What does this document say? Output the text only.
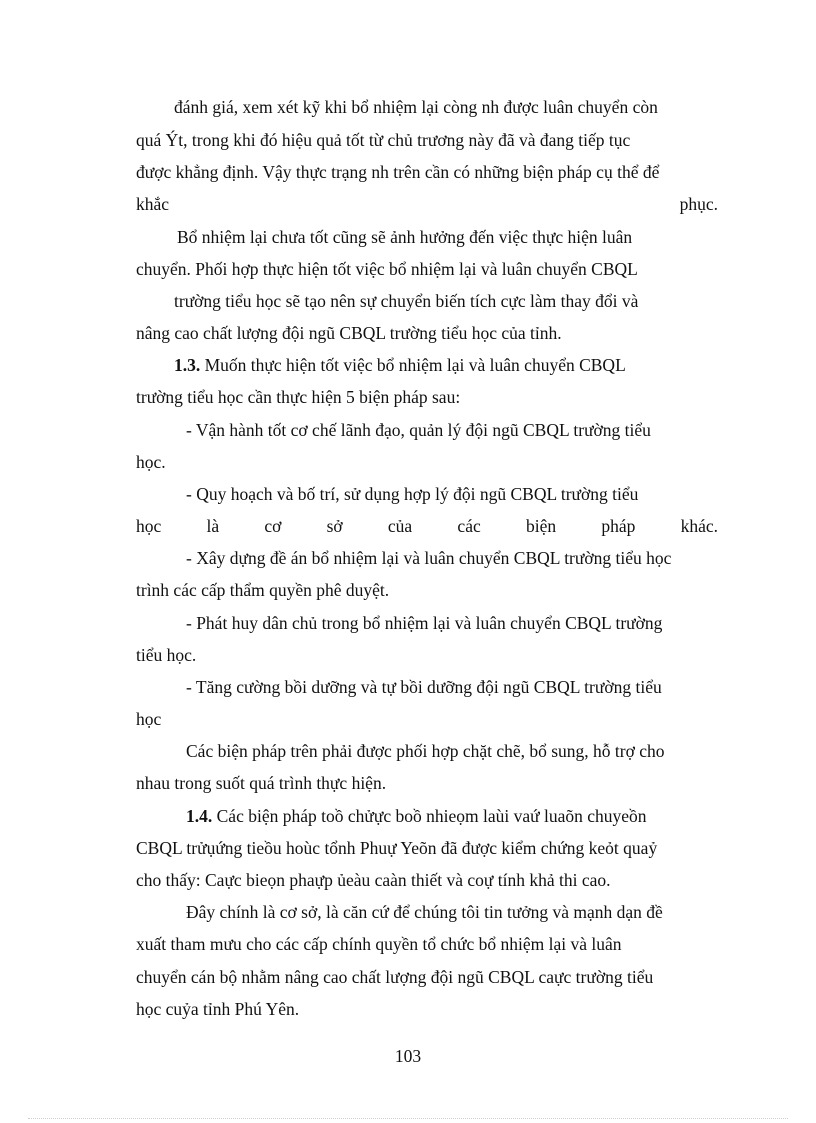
đánh giá, xem xét kỹ khi bổ nhiệm lại còng nh được luân chuyển còn
quá Ýt, trong khi đó hiệu quả tốt từ chủ trương này đã và đang tiếp tục
được khẳng định. Vậy thực trạng nh trên cần có những biện pháp cụ thể để
khắc	phục.
Bổ nhiệm lại chưa tốt cũng sẽ ảnh hưởng đến việc thực hiện luân
chuyển. Phối hợp thực hiện tốt việc bổ nhiệm lại và luân chuyển CBQL
trường tiểu học sẽ tạo nên sự chuyển biến tích cực làm thay đổi và
nâng cao chất lượng đội ngũ CBQL trường tiểu học của tỉnh.
1.3. Muốn thực hiện tốt việc bổ nhiệm lại và luân chuyển CBQL
trường tiểu học cần thực hiện 5 biện pháp sau:
- Vận hành tốt cơ chế lãnh đạo, quản lý đội ngũ CBQL trường tiểu
học.
- Quy hoạch và bố trí, sử dụng hợp lý đội ngũ CBQL trường tiểu
học	là	cơ	sở	của	các	biện	pháp	khác.
- Xây dựng đề án bổ nhiệm lại và luân chuyển CBQL trường tiểu học
trình các cấp thẩm quyền phê duyệt.
- Phát huy dân chủ trong bổ nhiệm lại và luân chuyển CBQL trường
tiểu học.
- Tăng cường bồi dưỡng và tự bồi dưỡng đội ngũ CBQL trường tiểu
học
Các biện pháp trên phải được phối hợp chặt chẽ, bổ sung, hỗ trợ cho
nhau trong suốt quá trình thực hiện.
1.4. Các biện pháp toồ chửực boồ nhieọm laùi vaứ luaõn chuyeồn
CBQL trửụứng tieồu hoùc tổnh Phuự Yeõn đã được kiểm chứng keỏt quaỷ
cho thấy: Caực bieọn phaựp ủeàu caàn thiết và coự tính khả thi cao.
Đây chính là cơ sở, là căn cứ để chúng tôi tin tưởng và mạnh dạn đề
xuất tham mưu cho các cấp chính quyền tổ chức bổ nhiệm lại và luân
chuyển cán bộ nhằm nâng cao chất lượng đội ngũ CBQL caực trường tiểu
học cuỷa tỉnh Phú Yên.
103
